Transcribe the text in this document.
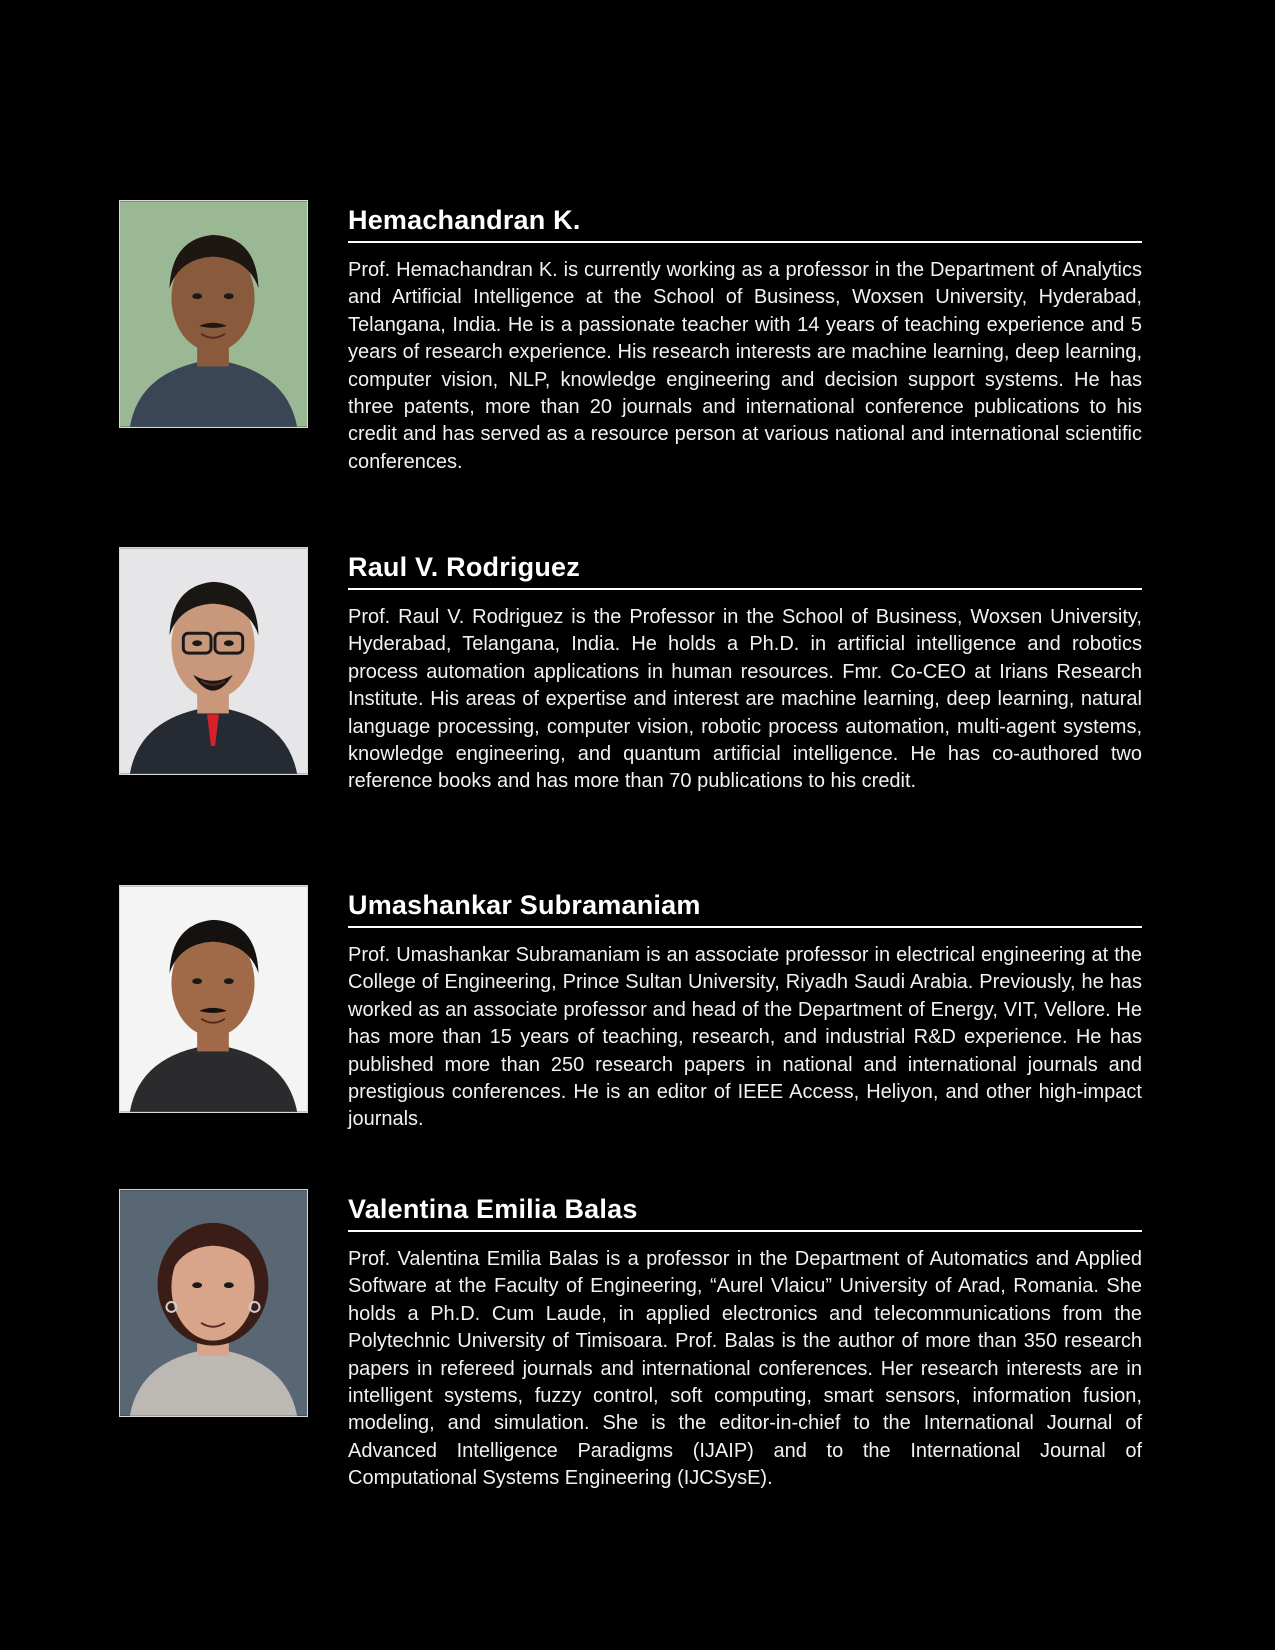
Hemachandran K.

Prof. Hemachandran K. is currently working as a professor in the Department of Analytics and Artificial Intelligence at the School of Business, Woxsen University, Hyderabad, Telangana, India. He is a passionate teacher with 14 years of teaching experience and 5 years of research experience. His research interests are machine learning, deep learning, computer vision, NLP, knowledge engineering and decision support systems. He has three patents, more than 20 journals and international conference publications to his credit and has served as a resource person at various national and international scientific conferences.

Raul V. Rodriguez

Prof. Raul V. Rodriguez is the Professor in the School of Business, Woxsen University, Hyderabad, Telangana, India. He holds a Ph.D. in artificial intelligence and robotics process automation applications in human resources. Fmr. Co-CEO at Irians Research Institute. His areas of expertise and interest are machine learning, deep learning, natural language processing, computer vision, robotic process automation, multi-agent systems, knowledge engineering, and quantum artificial intelligence. He has co-authored two reference books and has more than 70 publications to his credit.

Umashankar Subramaniam

Prof. Umashankar Subramaniam is an associate professor in electrical engineering at the College of Engineering, Prince Sultan University, Riyadh Saudi Arabia. Previously, he has worked as an associate professor and head of the Department of Energy, VIT, Vellore. He has more than 15 years of teaching, research, and industrial R&D experience. He has published more than 250 research papers in national and international journals and prestigious conferences. He is an editor of IEEE Access, Heliyon, and other high-impact journals.

Valentina Emilia Balas

Prof. Valentina Emilia Balas is a professor in the Department of Automatics and Applied Software at the Faculty of Engineering, “Aurel Vlaicu” University of Arad, Romania. She holds a Ph.D. Cum Laude, in applied electronics and telecommunications from the Polytechnic University of Timisoara. Prof. Balas is the author of more than 350 research papers in refereed journals and international conferences. Her research interests are in intelligent systems, fuzzy control, soft computing, smart sensors, information fusion, modeling, and simulation. She is the editor-in-chief to the International Journal of Advanced Intelligence Paradigms (IJAIP) and to the International Journal of Computational Systems Engineering (IJCSysE).
